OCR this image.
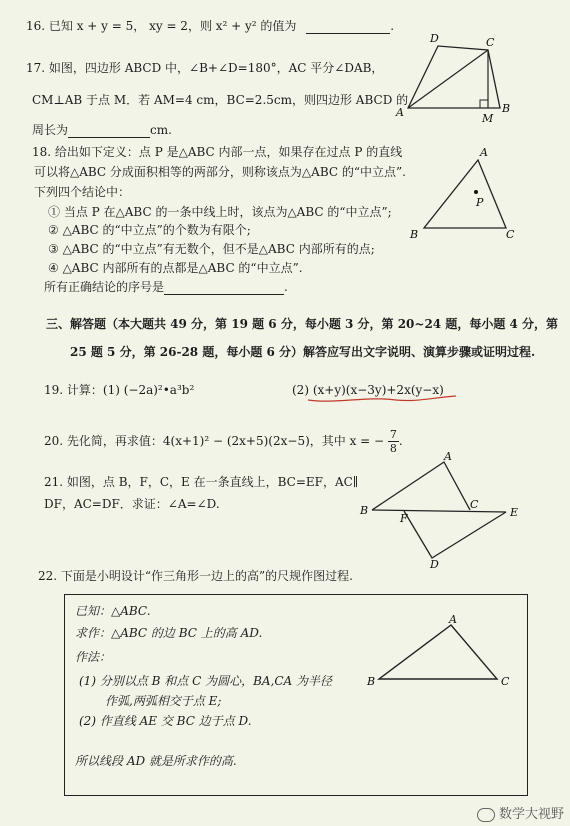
16. 已知 x + y = 5， xy = 2，则 x² + y² 的值为	.
17. 如图，四边形 ABCD 中，∠B+∠D=180°，AC 平分∠DAB，
CM⊥AB 于点 M．若 AM=4 cm，BC=2.5cm，则四边形 ABCD 的
周长为	cm.
D	C
A	M
B
18. 给出如下定义：点 P 是△ABC 内部一点，如果存在过点 P 的直线
可以将△ABC 分成面积相等的两部分，则称该点为△ABC 的“中立点”.
下列四个结论中：
① 当点 P 在△ABC 的一条中线上时，该点为△ABC 的“中立点”;
② △ABC 的“中立点”的个数为有限个;
③ △ABC 的“中立点”有无数个，但不是△ABC 内部所有的点;
④ △ABC 内部所有的点都是△ABC 的“中立点”.
所有正确结论的序号是	.
A
P
B	C
三、解答题（本大题共 49 分，第 19 题 6 分，每小题 3 分，第 20~24 题，每小题 4 分，第
25 题 5 分，第 26-28 题，每小题 6 分）解答应写出文字说明、演算步骤或证明过程.
19. 计算：(1) (−2a)²•a³b²	(2) (x+y)(x−3y)+2x(y−x)
20. 先化简，再求值：4(x+1)² − (2x+5)(2x−5)，其中 x = − $\frac{7}{8}$ .
21. 如图，点 B，F，C，E 在一条直线上，BC=EF，AC∥
DF，AC=DF．求证：∠A=∠D.
A
B
F
C
E
D
22. 下面是小明设计“作三角形一边上的高”的尺规作图过程.
已知：△ABC.
求作：△ABC 的边 BC 上的高 AD.
作法：
(1) 分别以点 B 和点 C 为圆心，BA,CA 为半径
作弧,两弧相交于点 E;
(2) 作直线 AE 交 BC 边于点 D.
所以线段 AD 就是所求作的高.
A
B	C
数学大视野
